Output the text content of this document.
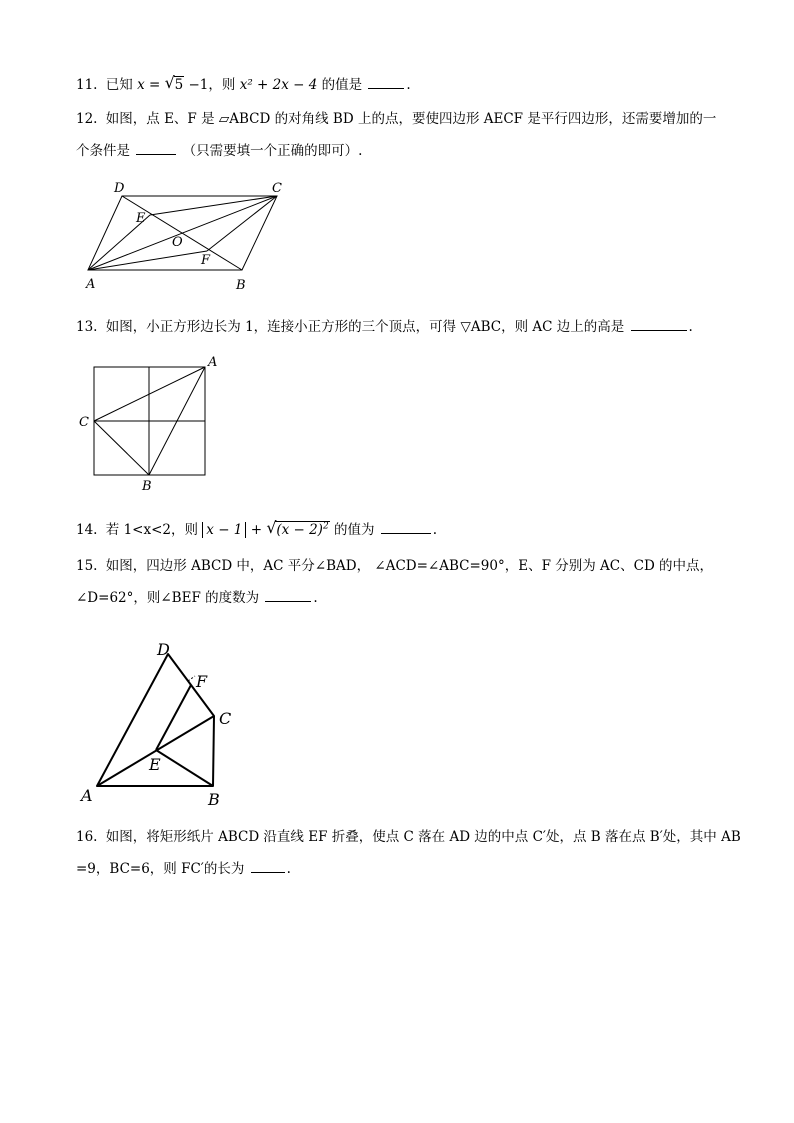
11. 已知 x = √ 5 −1，则 x² + 2x − 4 的值是	.
12. 如图，点 E、F 是 ▱ABCD 的对角线 BD 上的点，要使四边形 AECF 是平行四边形，还需要增加的一
个条件是	（只需要填一个正确的即可）.
D	C
E
O
F
A	B
13. 如图，小正方形边长为 1，连接小正方形的三个顶点，可得 ▽ABC，则 AC 边上的高是	.
A
C
B
14. 若 1<x<2，则 x − 1 + √ $(x - 2)^2$ 的值为	.
15. 如图，四边形 ABCD 中，AC 平分∠BAD， ∠ACD=∠ABC=90°，E、F 分别为 AC、CD 的中点，
∠D=62°，则∠BEF 的度数为	.
D
F
C
E
A	B
16. 如图，将矩形纸片 ABCD 沿直线 EF 折叠，使点 C 落在 AD 边的中点 C′处，点 B 落在点 B′处，其中 AB
=9，BC=6，则 FC′的长为	.
